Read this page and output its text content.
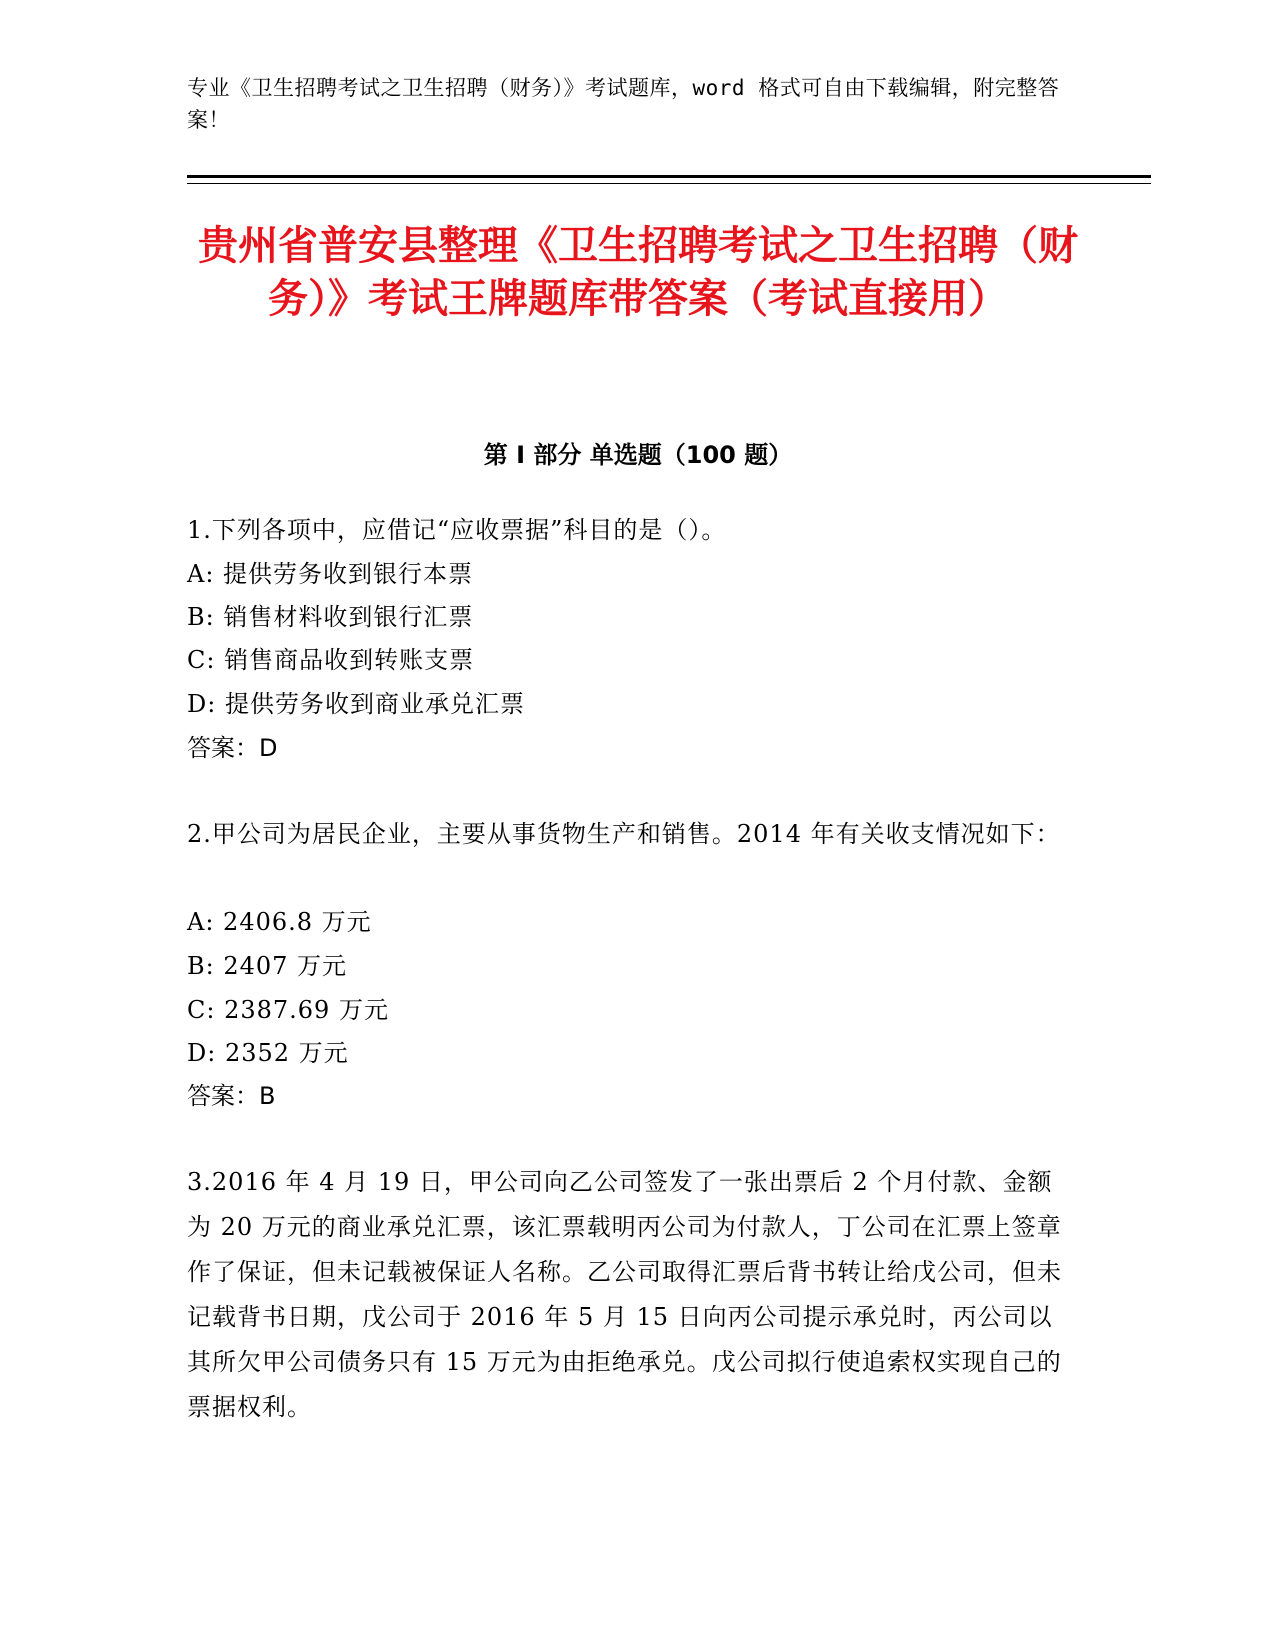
专业《卫生招聘考试之卫生招聘（财务）》考试题库，word 格式可自由下载编辑，附完整答案！

贵州省普安县整理《卫生招聘考试之卫生招聘（财务）》考试王牌题库带答案（考试直接用）
第 I 部分 单选题（100 题）

1.下列各项中，应借记“应收票据”科目的是（）。

A: 提供劳务收到银行本票

B: 销售材料收到银行汇票

C: 销售商品收到转账支票

D: 提供劳务收到商业承兑汇票

答案：D

2.甲公司为居民企业，主要从事货物生产和销售。2014 年有关收支情况如下：

A: 2406.8 万元

B: 2407 万元

C: 2387.69 万元

D: 2352 万元

答案：B

3.2016 年 4 月 19 日，甲公司向乙公司签发了一张出票后 2 个月付款、金额为 20 万元的商业承兑汇票，该汇票载明丙公司为付款人，丁公司在汇票上签章作了保证，但未记载被保证人名称。乙公司取得汇票后背书转让给戊公司，但未记载背书日期，戊公司于 2016 年 5 月 15 日向丙公司提示承兑时，丙公司以其所欠甲公司债务只有 15 万元为由拒绝承兑。戊公司拟行使追索权实现自己的票据权利。
